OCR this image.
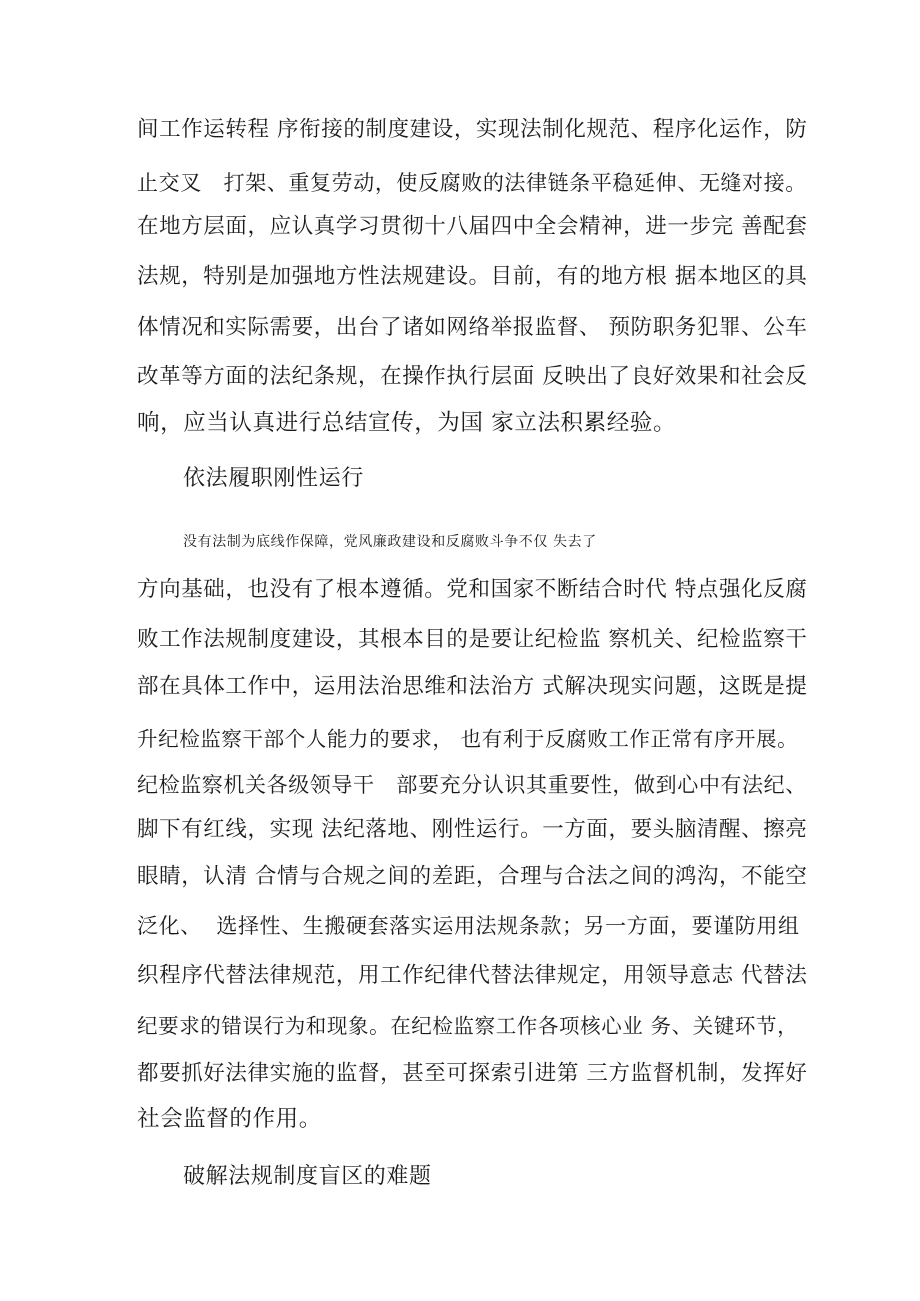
间工作运转程 序衔接的制度建设，实现法制化规范、程序化运作，防
止交叉   打架、重复劳动，使反腐败的法律链条平稳延伸、无缝对接。
在地方层面，应认真学习贯彻十八届四中全会精神，进一步完 善配套
法规，特别是加强地方性法规建设。目前，有的地方根 据本地区的具
体情况和实际需要，出台了诸如网络举报监督、 预防职务犯罪、公车
改革等方面的法纪条规，在操作执行层面 反映出了良好效果和社会反
响，应当认真进行总结宣传，为国 家立法积累经验。
依法履职刚性运行
没有法制为底线作保障，党风廉政建设和反腐败斗争不仅 失去了
方向基础，也没有了根本遵循。党和国家不断结合时代 特点强化反腐
败工作法规制度建设，其根本目的是要让纪检监 察机关、纪检监察干
部在具体工作中，运用法治思维和法治方 式解决现实问题，这既是提
升纪检监察干部个人能力的要求， 也有利于反腐败工作正常有序开展。
纪检监察机关各级领导干   部要充分认识其重要性，做到心中有法纪、
脚下有红线，实现 法纪落地、刚性运行。一方面，要头脑清醒、擦亮
眼睛，认清 合情与合规之间的差距，合理与合法之间的鸿沟，不能空
泛化、  选择性、生搬硬套落实运用法规条款；另一方面，要谨防用组
织程序代替法律规范，用工作纪律代替法律规定，用领导意志 代替法
纪要求的错误行为和现象。在纪检监察工作各项核心业 务、关键环节，
都要抓好法律实施的监督，甚至可探索引进第 三方监督机制，发挥好
社会监督的作用。
破解法规制度盲区的难题
